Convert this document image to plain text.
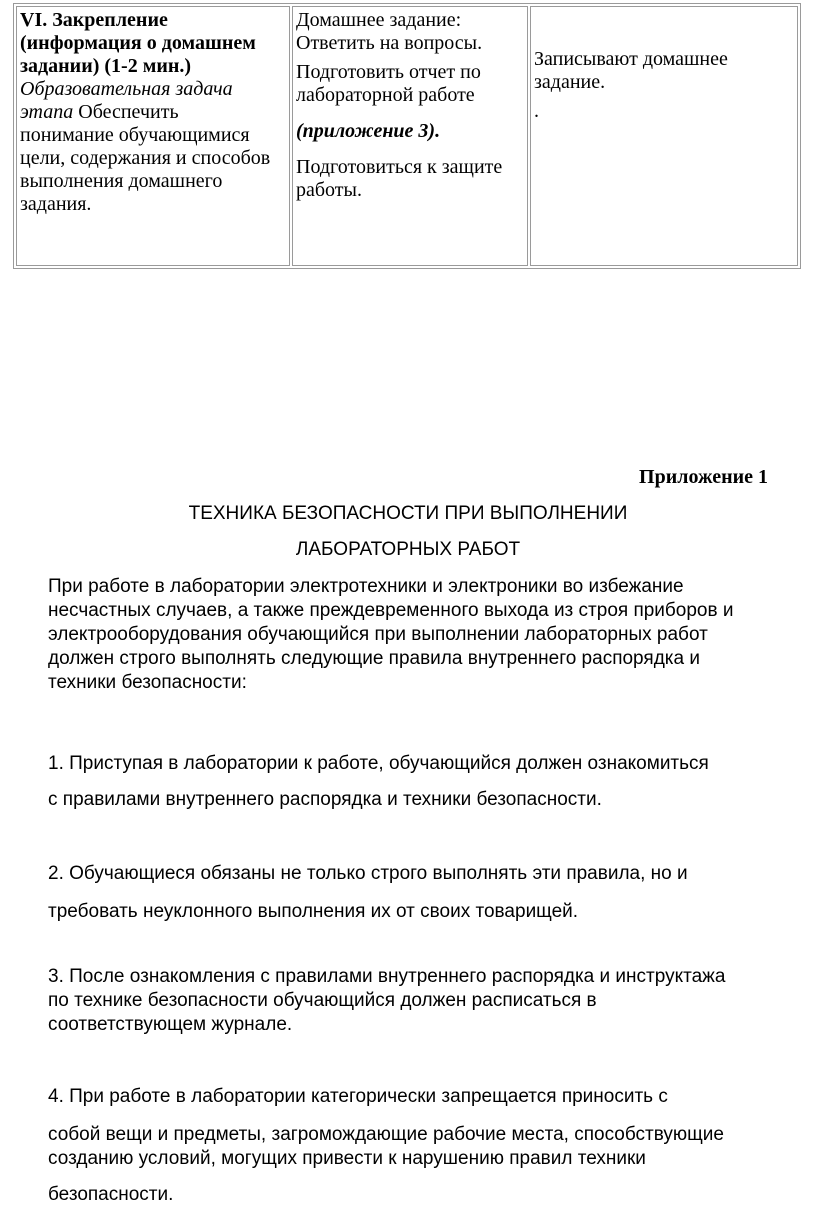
VI. Закрепление
(информация о домашнем
задании) (1-2 мин.)

Образовательная задача
этапа Обеспечить
понимание обучающимися
цели, содержания и способов
выполнения домашнего
задания.

Домашнее задание:
Ответить на вопросы.

Подготовить отчет по
лабораторной работе

(приложение 3).

Подготовиться к защите
работы.

Записывают домашнее
задание.

.

Приложение 1
ТЕХНИКА БЕЗОПАСНОСТИ ПРИ ВЫПОЛНЕНИИ
ЛАБОРАТОРНЫХ РАБОТ

При работе в лаборатории электротехники и электроники во избежание
несчастных случаев, а также преждевременного выхода из строя приборов и
электрооборудования обучающийся при выполнении лабораторных работ
должен строго выполнять следующие правила внутреннего распорядка и
техники безопасности:

1. Приступая в лаборатории к работе, обучающийся должен ознакомиться
с правилами внутреннего распорядка и техники безопасности.

2. Обучающиеся обязаны не только строго выполнять эти правила, но и
требовать неуклонного выполнения их от своих товарищей.

3. После ознакомления с правилами внутреннего распорядка и инструктажа
по технике безопасности обучающийся должен расписаться в
соответствующем журнале.

4. При работе в лаборатории категорически запрещается приносить с
собой вещи и предметы, загромождающие рабочие места, способствующие
созданию условий, могущих привести к нарушению правил техники
безопасности.
